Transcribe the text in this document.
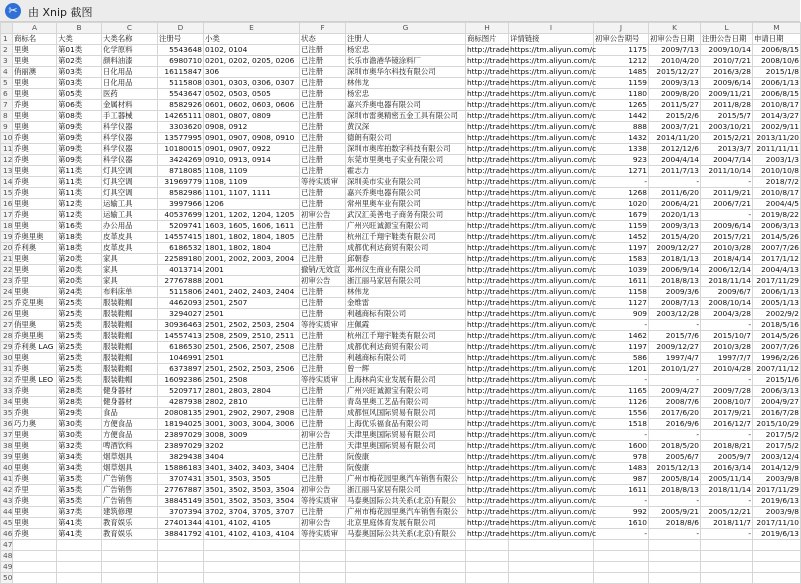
✂ 由 Xnip 截图
	A	B	C	D	E	F	G	H	I	J	K	L	M
1	商标名	大类	大类名称	注册号	小类	状态	注册人	商标图片	详情链接	初审公告期号	初审公告日期	注册公告日期	申请日期
2	里奥	第01类	化学原料	5543648	0102, 0104	已注册	杨宏忠	http://trade	https://tm.aliyun.com/c	1175	2009/7/13	2009/10/14	2006/8/15
3	里奥	第02类	颜料油漆	6980710	0201, 0202, 0205, 0206	已注册	长乐市澹港华镜涂料厂	http://trade	https://tm.aliyun.com/c	1212	2010/4/20	2010/7/21	2008/10/6
4	俏丽澳	第03类	日化用品	16115847	306	已注册	深圳市奥华尔科技有限公司	http://trade	https://tm.aliyun.com/c	1485	2015/12/27	2016/3/28	2015/1/8
5	里奥	第03类	日化用品	5115808	0301, 0303, 0306, 0307	已注册	林伟龙	http://trade	https://tm.aliyun.com/c	1159	2009/3/13	2009/6/14	2006/1/13
6	里奥	第05类	医药	5543647	0502, 0503, 0505	已注册	杨宏忠	http://trade	https://tm.aliyun.com/c	1180	2009/8/20	2009/11/21	2006/8/15
7	乔奥	第06类	金属材料	8582926	0601, 0602, 0603, 0606	已注册	嘉兴乔奥电器有限公司	http://trade	https://tm.aliyun.com/c	1265	2011/5/27	2011/8/28	2010/8/17
8	里奥	第08类	手工器械	14265111	0801, 0807, 0809	已注册	深圳市雷奥精密五金工具有限公司	http://trade	https://tm.aliyun.com/c	1442	2015/2/6	2015/5/7	2014/3/27
9	里奥	第09类	科学仪器	3303620	0908, 0912	已注册	黄汉深	http://trade	https://tm.aliyun.com/c	888	2003/7/21	2003/10/21	2002/9/11
10	乔奥	第09类	科学仪器	13577995	0901, 0907, 0908, 0910	已注册	德朗有限公司	http://trade	https://tm.aliyun.com/c	1432	2014/11/20	2015/2/21	2013/11/20
11	乔奥	第09类	科学仪器	10180015	0901, 0907, 0922	已注册	深圳市奥库拍数字科技有限公司	http://trade	https://tm.aliyun.com/c	1338	2012/12/6	2013/3/7	2011/11/11
12	乔奥	第09类	科学仪器	3424269	0910, 0913, 0914	已注册	东莞市里奥电子实业有限公司	http://trade	https://tm.aliyun.com/c	923	2004/4/14	2004/7/14	2003/1/3
13	里奥	第11类	灯具空调	8718085	1108, 1109	已注册	霍志力	http://trade	https://tm.aliyun.com/c	1271	2011/7/13	2011/10/14	2010/10/8
14	乔奥	第11类	灯具空调	31969779	1108, 1109	等待实质审	深圳美市实业有限公司	http://trade	https://tm.aliyun.com/c	-	-	-	2018/7/2
15	乔奥	第11类	灯具空调	8582986	1101, 1107, 1111	已注册	嘉兴乔奥电器有限公司	http://trade	https://tm.aliyun.com/c	1268	2011/6/20	2011/9/21	2010/8/17
16	里奥	第12类	运输工具	3997966	1206	已注册	常州里奥车业有限公司	http://trade	https://tm.aliyun.com/c	1020	2006/4/21	2006/7/21	2004/4/5
17	乔奥	第12类	运输工具	40537699	1201, 1202, 1204, 1205	初审公告	武汉汇美善电子商务有限公司	http://trade	https://tm.aliyun.com/c	1679	2020/1/13	-	2019/8/22
18	里奥	第16类	办公用品	5209741	1603, 1605, 1606, 1611	已注册	广州兴旺诚源宝有限公司	http://trade	https://tm.aliyun.com/c	1159	2009/3/13	2009/6/14	2006/3/13
19	乔奥里奥	第18类	皮革皮具	14557415	1801, 1802, 1804, 1805	已注册	杭州江千翔宇鞋类有限公司	http://trade	https://tm.aliyun.com/c	1452	2015/4/20	2015/7/21	2014/5/26
20	乔利奥	第18类	皮革皮具	6186532	1801, 1802, 1804	已注册	成都优利达商贸有限公司	http://trade	https://tm.aliyun.com/c	1197	2009/12/27	2010/3/28	2007/7/26
21	里奥	第20类	家具	22589180	2001, 2002, 2003, 2004	已注册	邱朝春	http://trade	https://tm.aliyun.com/c	1583	2018/1/13	2018/4/14	2017/1/12
22	里奥	第20类	家具	4013714	2001	撤销/无效宣	郑州汉生商业有限公司	http://trade	https://tm.aliyun.com/c	1039	2006/9/14	2006/12/14	2004/4/13
23	乔里	第20类	家具	27767888	2001	初审公告	浙江丽马家居有限公司	http://trade	https://tm.aliyun.com/c	1611	2018/8/13	2018/11/14	2017/11/29
24	里奥	第24类	布料床单	5115806	2401, 2402, 2403, 2404	已注册	林伟龙	http://trade	https://tm.aliyun.com/c	1158	2009/3/6	2009/6/7	2006/1/13
25	乔克里奥	第25类	服装鞋帽	4462093	2501, 2507	已注册	金维雷	http://trade	https://tm.aliyun.com/c	1127	2008/7/13	2008/10/14	2005/1/13
26	里奥	第25类	服装鞋帽	3294027	2501	已注册	利越商标有限公司	http://trade	https://tm.aliyun.com/c	909	2003/12/28	2004/3/28	2002/9/2
27	俏里奥	第25类	服装鞋帽	30936463	2501, 2502, 2503, 2504	等待实质审	庄佩霞	http://trade	https://tm.aliyun.com/c	-	-	-	2018/5/16
28	乔奥里奥	第25类	服装鞋帽	14557413	2508, 2509, 2510, 2511	已注册	杭州江千翔宇鞋类有限公司	http://trade	https://tm.aliyun.com/c	1462	2015/7/6	2015/10/7	2014/5/26
29	乔利奥 LAG	第25类	服装鞋帽	6186530	2501, 2506, 2507, 2508	已注册	成都优利达商贸有限公司	http://trade	https://tm.aliyun.com/c	1197	2009/12/27	2010/3/28	2007/7/26
30	里奥	第25类	服装鞋帽	1046991	2501	已注册	利越商标有限公司	http://trade	https://tm.aliyun.com/c	586	1997/4/7	1997/7/7	1996/2/26
31	乔奥	第25类	服装鞋帽	6373897	2501, 2502, 2503, 2506	已注册	曾一辉	http://trade	https://tm.aliyun.com/c	1201	2010/1/27	2010/4/28	2007/11/12
32	乔里奥 LEO	第25类	服装鞋帽	16092386	2501, 2508	等待实质审	上海林尚实业发展有限公司	http://trade	https://tm.aliyun.com/c	-	-	-	2015/1/6
33	乔奥	第28类	健身器材	5209717	2801, 2803, 2804	已注册	广州兴旺诚源宝有限公司	http://trade	https://tm.aliyun.com/c	1165	2009/4/27	2009/7/28	2006/3/13
34	里奥	第28类	健身器材	4287938	2802, 2810	已注册	青岛里奥工艺品有限公司	http://trade	https://tm.aliyun.com/c	1126	2008/7/6	2008/10/7	2004/9/27
35	乔奥	第29类	食品	20808135	2901, 2902, 2907, 2908	已注册	成都恒风国际贸易有限公司	http://trade	https://tm.aliyun.com/c	1556	2017/6/20	2017/9/21	2016/7/28
36	巧力奥	第30类	方便食品	18194025	3001, 3003, 3004, 3006	已注册	上海优乐福食品有限公司	http://trade	https://tm.aliyun.com/c	1518	2016/9/6	2016/12/7	2015/10/29
37	里奥	第30类	方便食品	23897029	3008, 3009	初审公告	天津里奥国际贸易有限公司	http://trade	https://tm.aliyun.com/c	-	-	-	2017/5/2
38	里奥	第32类	啤酒饮料	23897029	3202	已注册	天津里奥国际贸易有限公司	http://trade	https://tm.aliyun.com/c	1600	2018/5/20	2018/8/21	2017/5/2
39	里奥	第34类	烟草烟具	3829438	3404	已注册	阮俊康	http://trade	https://tm.aliyun.com/c	978	2005/6/7	2005/9/7	2003/12/4
40	里奥	第34类	烟草烟具	15886183	3401, 3402, 3403, 3404	已注册	阮俊康	http://trade	https://tm.aliyun.com/c	1483	2015/12/13	2016/3/14	2014/12/9
41	乔奥	第35类	广告销售	3707431	3501, 3503, 3505	已注册	广州市梅花园里奥汽车销售有限公	http://trade	https://tm.aliyun.com/c	987	2005/8/14	2005/11/14	2003/9/8
42	乔里	第35类	广告销售	27767887	3501, 3502, 3503, 3504	初审公告	浙江丽马家居有限公司	http://trade	https://tm.aliyun.com/c	1611	2018/8/13	2018/11/14	2017/11/29
43	乔奥	第35类	广告销售	38845149	3501, 3502, 3503, 3504	等待实质审	马泰奥国际公共关系(北京)有限公	http://trade	https://tm.aliyun.com/c	-	-	-	2019/6/13
44	里奥	第37类	建筑修理	3707394	3702, 3704, 3705, 3707	已注册	广州市梅花园里奥汽车销售有限公	http://trade	https://tm.aliyun.com/c	992	2005/9/21	2005/12/21	2003/9/8
45	里奥	第41类	教育娱乐	27401344	4101, 4102, 4105	初审公告	北京里庭体育发展有限公司	http://trade	https://tm.aliyun.com/c	1610	2018/8/6	2018/11/7	2017/11/10
46	乔奥	第41类	教育娱乐	38841792	4101, 4102, 4103, 4104	等待实质审	马泰奥国际公共关系(北京)有限公	http://trade	https://tm.aliyun.com/c	-	-	-	2019/6/13
47													
48													
49													
50													
